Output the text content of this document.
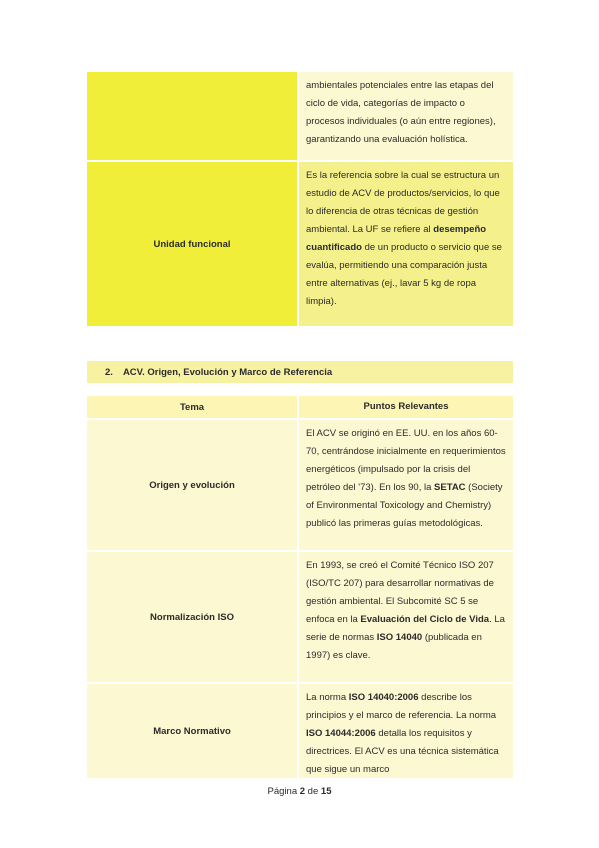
ambientales potenciales entre las etapas del ciclo de vida, categorías de impacto o procesos individuales (o aún entre regiones), garantizando una evaluación holística.
Unidad funcional
Es la referencia sobre la cual se estructura un estudio de ACV de productos/servicios, lo que lo diferencia de otras técnicas de gestión ambiental. La UF se refiere al desempeño cuantificado de un producto o servicio que se evalúa, permitiendo una comparación justa entre alternativas (ej., lavar 5 kg de ropa limpia).
2. ACV. Origen, Evolución y Marco de Referencia
Tema	Puntos Relevantes
Origen y evolución
El ACV se originó en EE. UU. en los años 60-70, centrándose inicialmente en requerimientos energéticos (impulsado por la crisis del petróleo del '73). En los 90, la SETAC (Society of Environmental Toxicology and Chemistry) publicó las primeras guías metodológicas.
Normalización ISO
En 1993, se creó el Comité Técnico ISO 207 (ISO/TC 207) para desarrollar normativas de gestión ambiental. El Subcomité SC 5 se enfoca en la Evaluación del Ciclo de Vida. La serie de normas ISO 14040 (publicada en 1997) es clave.
Marco Normativo
La norma ISO 14040:2006 describe los principios y el marco de referencia. La norma ISO 14044:2006 detalla los requisitos y directrices. El ACV es una técnica sistemática que sigue un marco
Página 2 de 15
